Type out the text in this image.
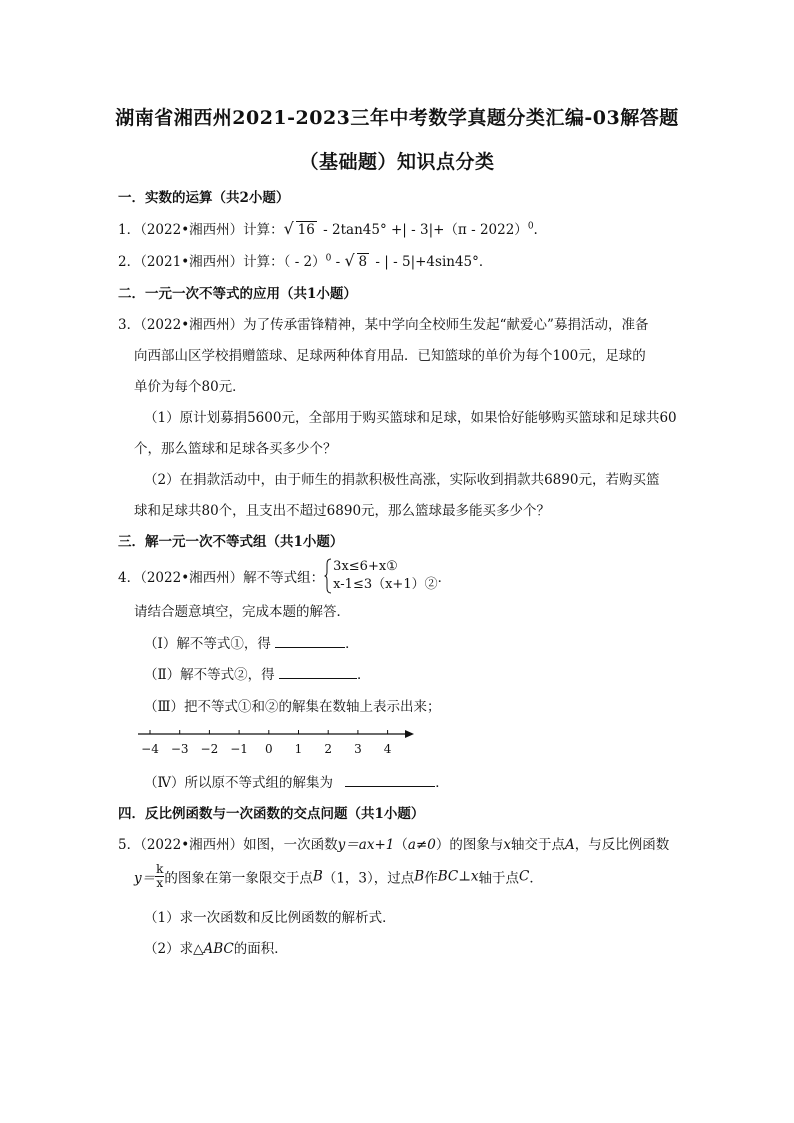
湖南省湘西州2021-2023三年中考数学真题分类汇编-03解答题
（基础题）知识点分类
一．实数的运算（共2小题）
1．（2022•湘西州）计算： √ 16 - 2tan45° +| - 3|+（π - 2022）$^0$.
2．（2021•湘西州）计算：（ - 2）$^0$ - √ 8 - | - 5|+4sin45°．
二．一元一次不等式的应用（共1小题）
3．（2022•湘西州）为了传承雷锋精神，某中学向全校师生发起“献爱心”募捐活动，准备
向西部山区学校捐赠篮球、足球两种体育用品．已知篮球的单价为每个100元，足球的
单价为每个80元．
（1）原计划募捐5600元，全部用于购买篮球和足球，如果恰好能够购买篮球和足球共60
个，那么篮球和足球各买多少个？
（2）在捐款活动中，由于师生的捐款积极性高涨，实际收到捐款共6890元，若购买篮
球和足球共80个，且支出不超过6890元，那么篮球最多能买多少个？
三．解一元一次不等式组（共1小题）
4．（2022•湘西州）解不等式组：
3x≤6+x①
x-1≤3（x+1）② ．
请结合题意填空，完成本题的解答．
（Ⅰ）解不等式①，得	．
（Ⅱ）解不等式②，得	．
（Ⅲ）把不等式①和②的解集在数轴上表示出来；
−4 −3 −2 −1 0 1 2 3 4
（Ⅳ）所以原不等式组的解集为	．
四．反比例函数与一次函数的交点问题（共1小题）
5．（2022•湘西州）如图，一次函数y＝ax+1（a≠0）的图象与x轴交于点A，与反比例函数
$y= \frac{k}{x}$ 的图象在第一象限交于点B（1，3），过点B作BC⊥x轴于点C．
（1）求一次函数和反比例函数的解析式．
（2）求△ABC的面积．
